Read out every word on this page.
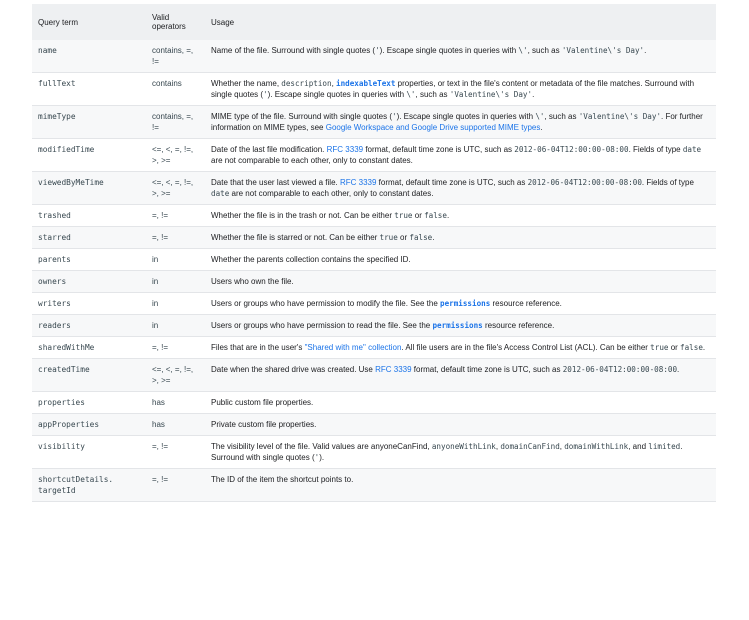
Query term	Valid operators	Usage
name	contains, =, !=	Name of the file. Surround with single quotes ('). Escape single quotes in queries with \', such as 'Valentine\'s Day'.
fullText	contains	Whether the name, description, indexableText properties, or text in the file's content or metadata of the file matches. Surround with single quotes ('). Escape single quotes in queries with \', such as 'Valentine\'s Day'.
mimeType	contains, =, !=	MIME type of the file. Surround with single quotes ('). Escape single quotes in queries with \', such as 'Valentine\'s Day'. For further information on MIME types, see Google Workspace and Google Drive supported MIME types.
modifiedTime	<=, <, =, !=, >, >=	Date of the last file modification. RFC 3339 format, default time zone is UTC, such as 2012-06-04T12:00:00-08:00. Fields of type date are not comparable to each other, only to constant dates.
viewedByMeTime	<=, <, =, !=, >, >=	Date that the user last viewed a file. RFC 3339 format, default time zone is UTC, such as 2012-06-04T12:00:00-08:00. Fields of type date are not comparable to each other, only to constant dates.
trashed	=, !=	Whether the file is in the trash or not. Can be either true or false.
starred	=, !=	Whether the file is starred or not. Can be either true or false.
parents	in	Whether the parents collection contains the specified ID.
owners	in	Users who own the file.
writers	in	Users or groups who have permission to modify the file. See the permissions resource reference.
readers	in	Users or groups who have permission to read the file. See the permissions resource reference.
sharedWithMe	=, !=	Files that are in the user's "Shared with me" collection. All file users are in the file's Access Control List (ACL). Can be either true or false.
createdTime	<=, <, =, !=, >, >=	Date when the shared drive was created. Use RFC 3339 format, default time zone is UTC, such as 2012-06-04T12:00:00-08:00.
properties	has	Public custom file properties.
appProperties	has	Private custom file properties.
visibility	=, !=	The visibility level of the file. Valid values are anyoneCanFind, anyoneWithLink, domainCanFind, domainWithLink, and limited. Surround with single quotes (').
shortcutDetails.
targetId	=, !=	The ID of the item the shortcut points to.
